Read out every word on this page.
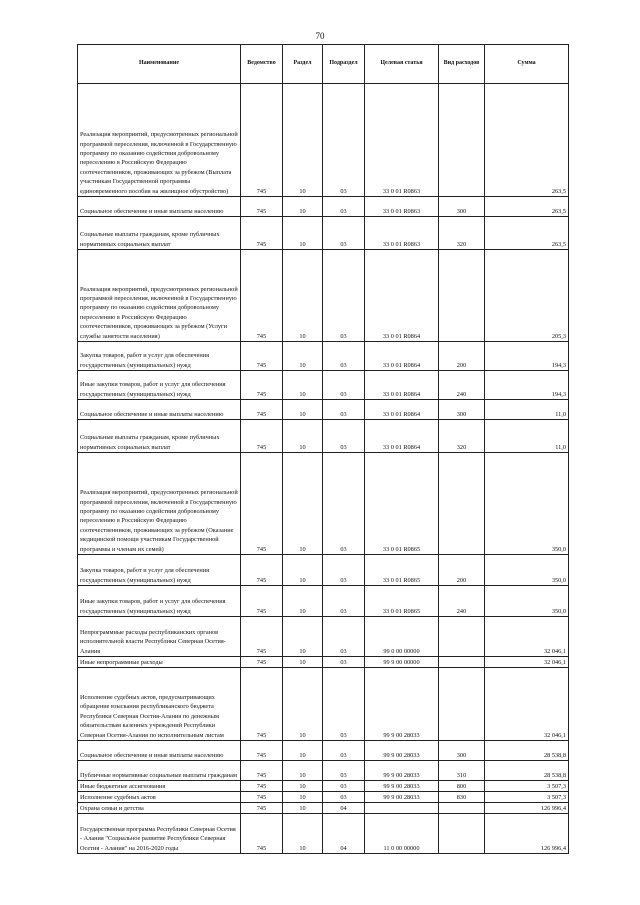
70
Наименование	Ведомство	Раздел	Подраздел	Целевая статья	Вид расходов	Сумма
Реализация мероприятий, предусмотренных региональной программой переселения, включенной в Государственную программу по оказанию содействия добровольному переселению в Российскую Федерацию соотечественников, проживающих за рубежом (Выплата участникам Государственной программы единовременного пособия на жилищное обустройство)	745	10	03	33 0 01 R0863		263,5
Социальное обеспечение и иные выплаты населению	745	10	03	33 0 01 R0863	300	263,5
Социальные выплаты гражданам, кроме публичных нормативных социальных выплат	745	10	03	33 0 01 R0863	320	263,5
Реализация мероприятий, предусмотренных региональной программой переселения, включенной в Государственную программу по оказанию содействия добровольному переселению в Российскую Федерацию соотечественников, проживающих за рубежом (Услуги службы занятости населения)	745	10	03	33 0 01 R0864		205,3
Закупка товаров, работ и услуг для обеспечения государственных (муниципальных) нужд	745	10	03	33 0 01 R0864	200	194,3
Иные закупки товаров, работ и услуг для обеспечения государственных (муниципальных) нужд	745	10	03	33 0 01 R0864	240	194,3
Социальное обеспечение и иные выплаты населению	745	10	03	33 0 01 R0864	300	11,0
Социальные выплаты гражданам, кроме публичных нормативных социальных выплат	745	10	03	33 0 01 R0864	320	11,0
Реализация мероприятий, предусмотренных региональной программой переселения, включенной в Государственную программу по оказанию содействия добровольному переселению в Российскую Федерацию соотечественников, проживающих за рубежом (Оказание медицинской помощи участникам Государственной программы и членам их семей)	745	10	03	33 0 01 R0865		350,0
Закупка товаров, работ и услуг для обеспечения государственных (муниципальных) нужд	745	10	03	33 0 01 R0865	200	350,0
Иные закупки товаров, работ и услуг для обеспечения государственных (муниципальных) нужд	745	10	03	33 0 01 R0865	240	350,0
Непрограммные расходы республиканских органов исполнительной власти Республики Северная Осетия-Алания	745	10	03	99 0 00 00000		32 046,1
Иные непрограммные расходы	745	10	03	99 9 00 00000		32 046,1
Исполнение судебных актов, предусматривающих обращение взыскания республиканского бюджета Республики Северная Осетия-Алания по денежным обязательствам казенных учреждений Республики Северная Осетия-Алания по исполнительным листам	745	10	03	99 9 00 28033		32 046,1
Социальное обеспечение и иные выплаты населению	745	10	03	99 9 00 28033	300	28 538,8
Публичные нормативные социальные выплаты гражданам	745	10	03	99 9 00 28033	310	28 538,8
Иные бюджетные ассигнования	745	10	03	99 9 00 28033	800	3 507,3
Исполнение судебных актов	745	10	03	99 9 00 28033	830	3 507,3
Охрана семьи и детства	745	10	04			126 996,4
Государственная программа Республики Северная Осетия - Алания "Социальное развитие Республики Северная Осетия - Алания" на 2016-2020 годы	745	10	04	11 0 00 00000		126 996,4
